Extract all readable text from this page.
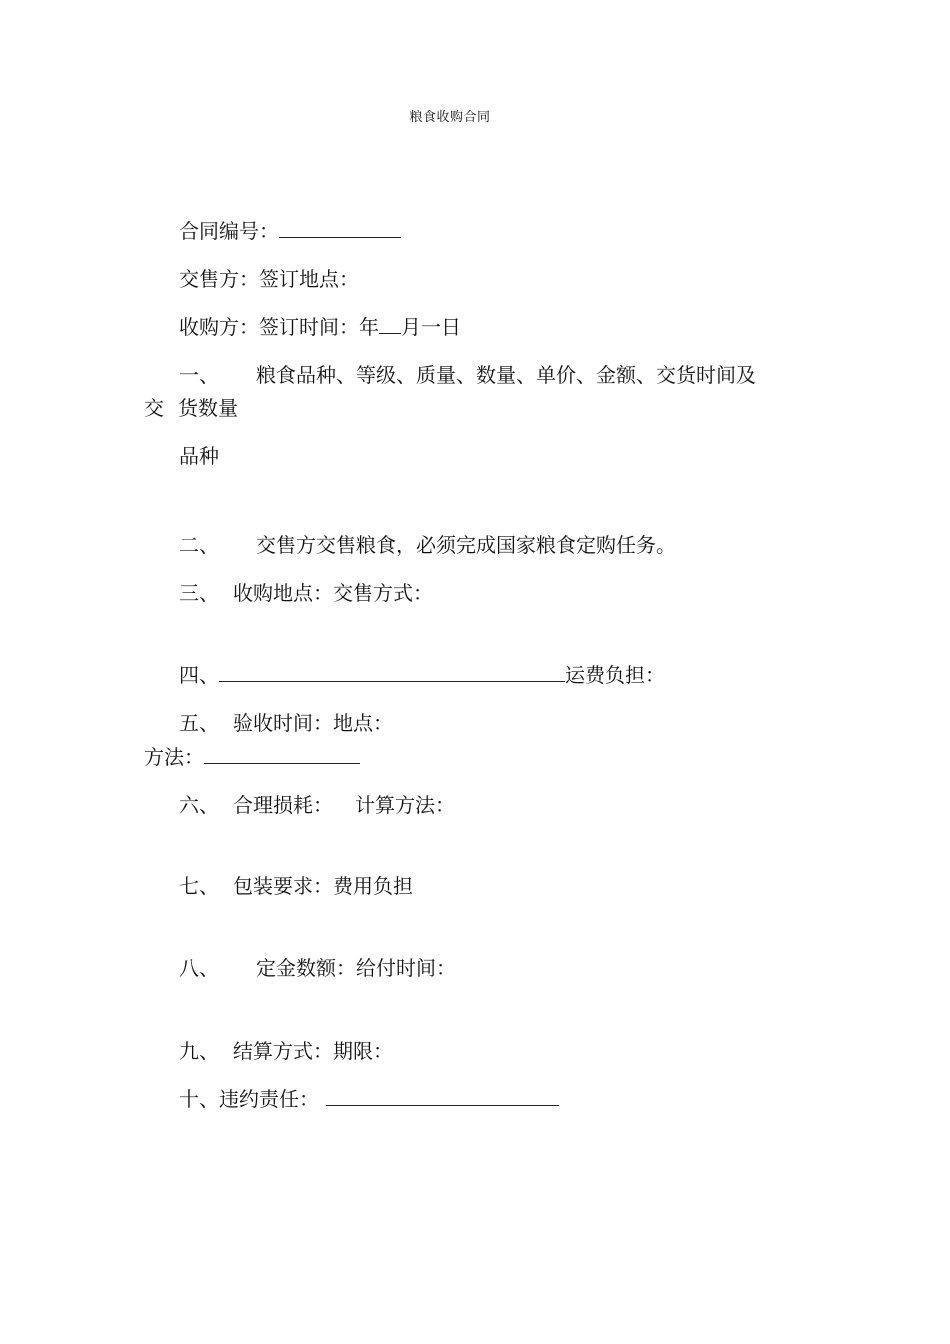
粮食收购合同
合同编号：
交售方：签订地点：
收购方：签订时间：年 月一日
一、 粮食品种、等级、质量、数量、单价、金额、交货时间及
交 货数量
品种
二、 交售方交售粮食，必须完成国家粮食定购任务。
三、 收购地点：交售方式：
四、	运费负担：
五、 验收时间：地点：
方法：
六、 合理损耗： 计算方法：
七、 包装要求：费用负担
八、 定金数额：给付时间：
九、 结算方式：期限：
十、违约责任：
